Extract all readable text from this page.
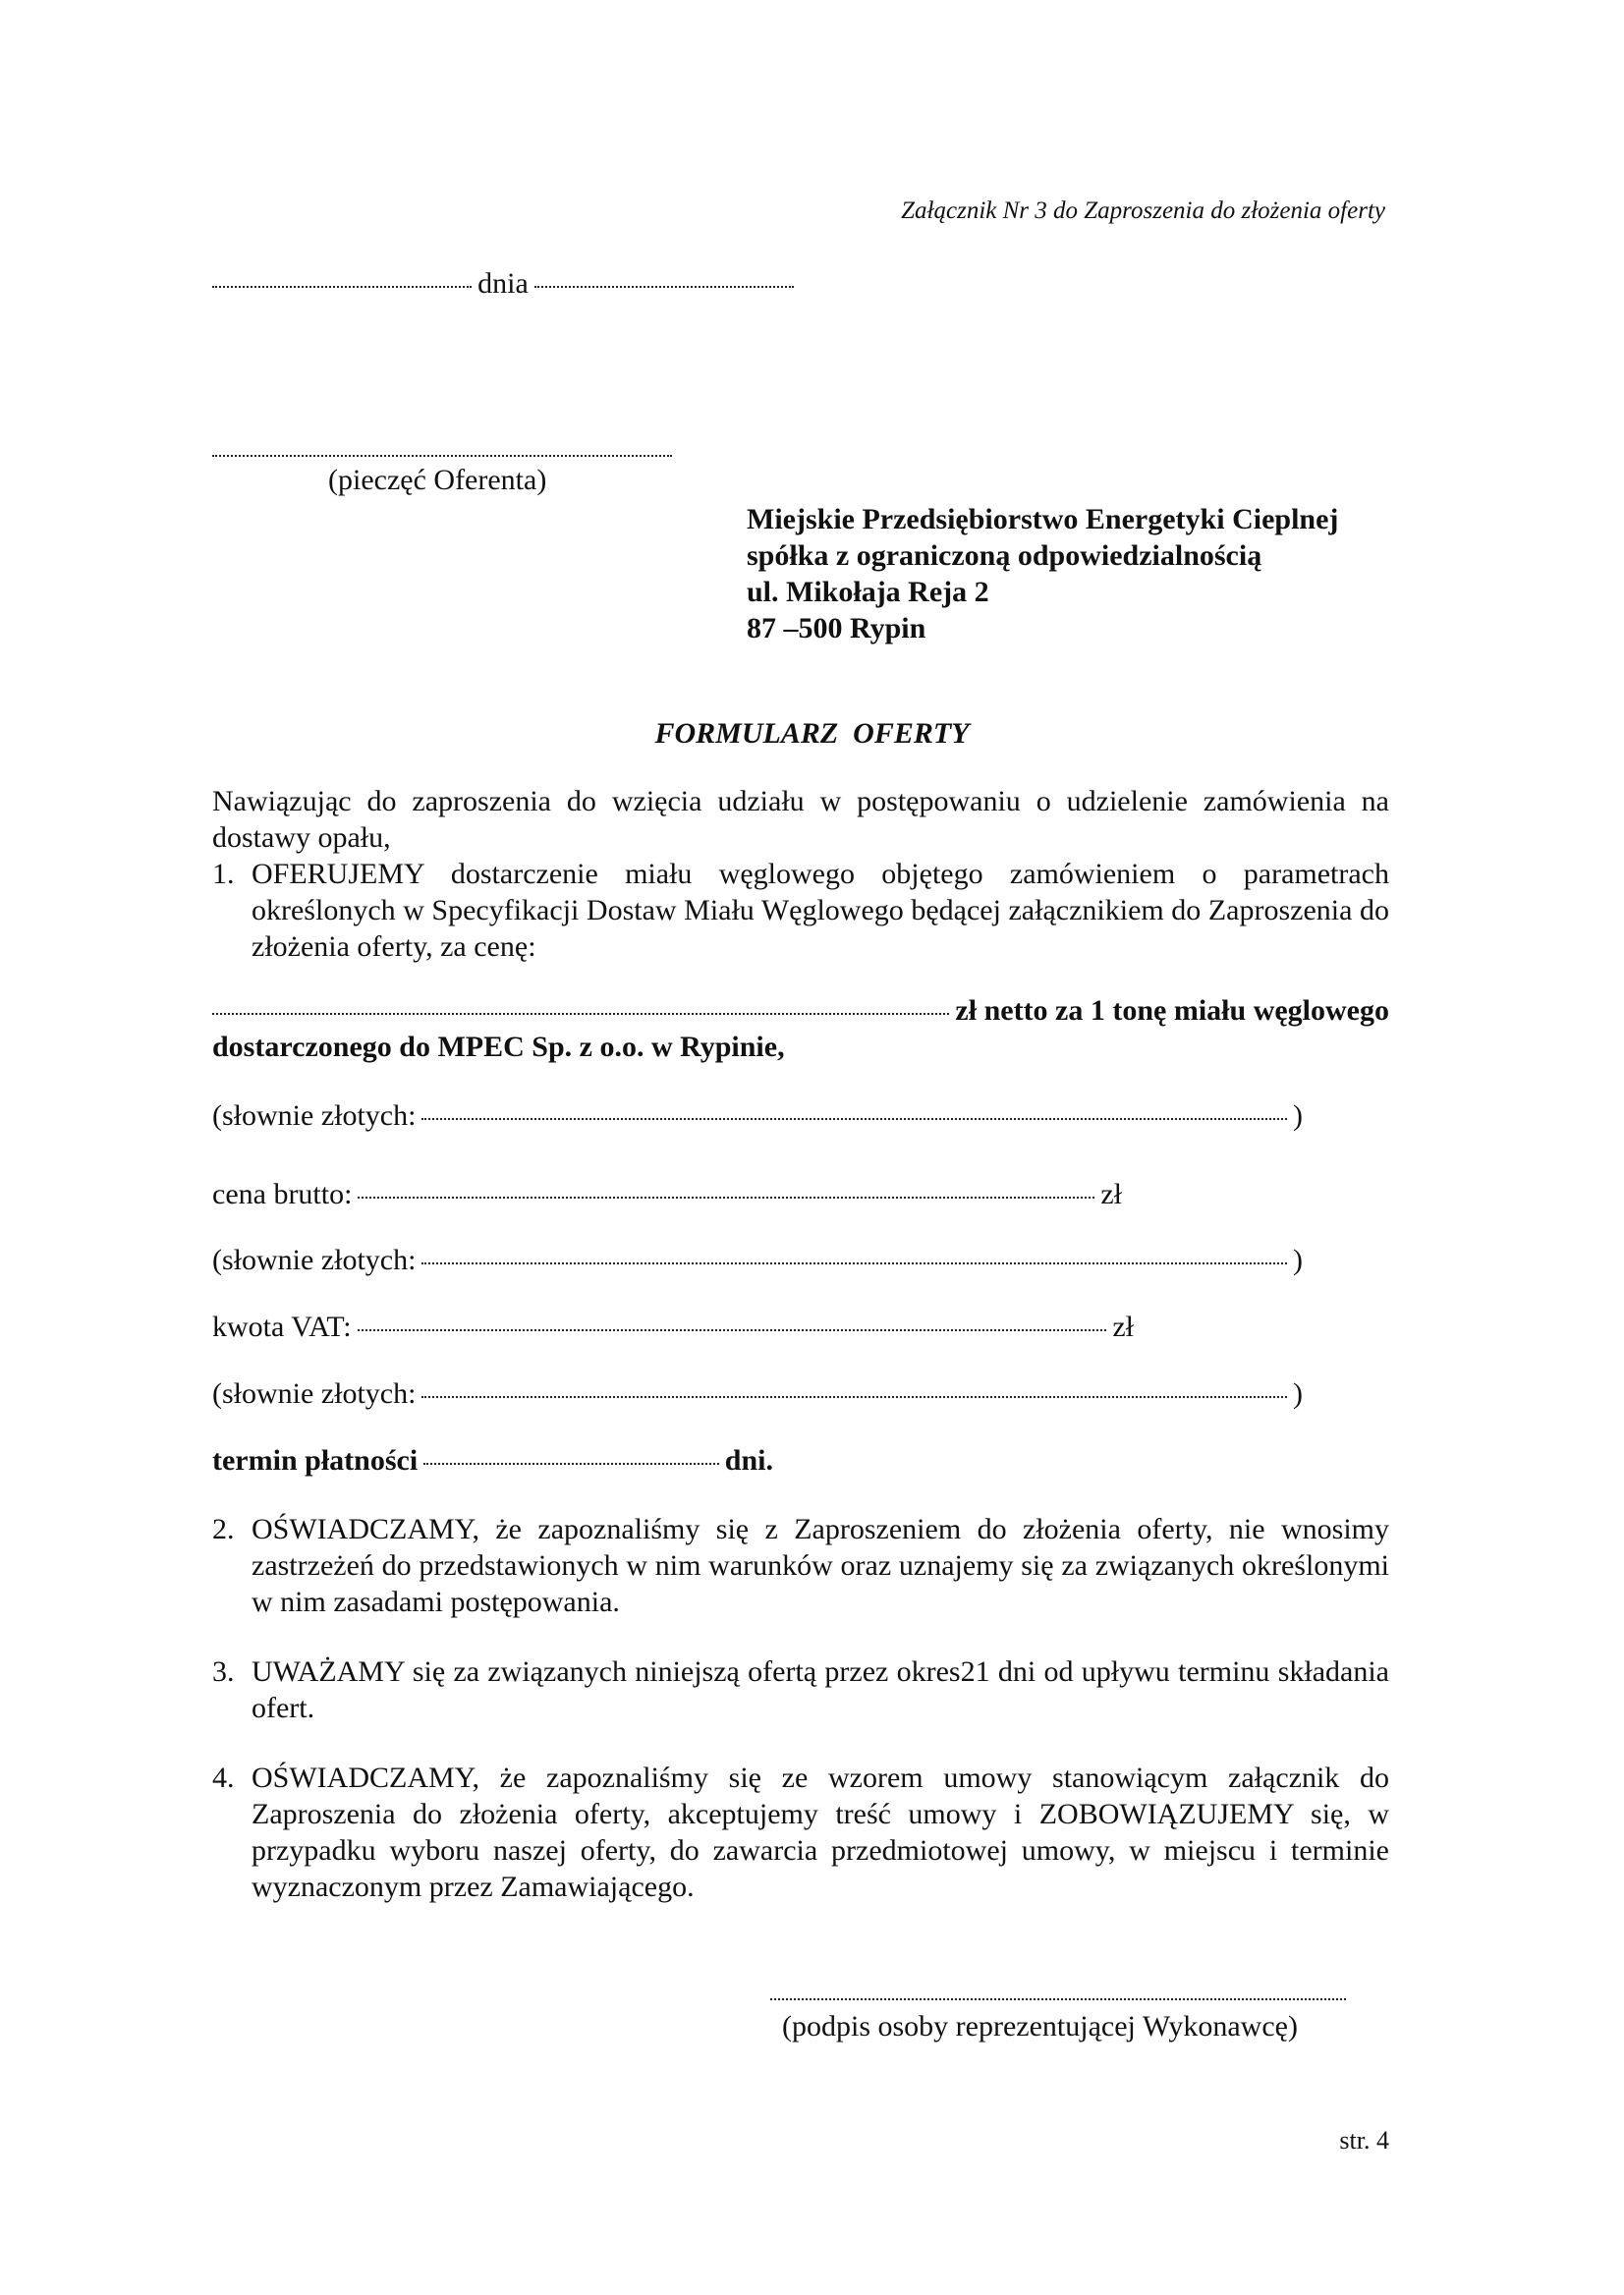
Załącznik Nr 3 do Zaproszenia do złożenia oferty
dnia
(pieczęć Oferenta)
Miejskie Przedsiębiorstwo Energetyki Cieplnej
spółka z ograniczoną odpowiedzialnością
ul. Mikołaja Reja 2
87 –500 Rypin
FORMULARZ  OFERTY
Nawiązując do zaproszenia do wzięcia udziału w postępowaniu o udzielenie zamówienia na dostawy opału,
1. OFERUJEMY dostarczenie miału węglowego objętego zamówieniem o parametrach określonych w Specyfikacji Dostaw Miału Węglowego będącej załącznikiem do Zaproszenia do złożenia oferty, za cenę:
zł netto za 1 tonę miału węglowego
dostarczonego do MPEC Sp. z o.o. w Rypinie,
(słownie złotych:	)
cena brutto:	zł
(słownie złotych:	)
kwota VAT:	zł
(słownie złotych:	)
termin płatności	dni.
2. OŚWIADCZAMY, że zapoznaliśmy się z Zaproszeniem do złożenia oferty, nie wnosimy zastrzeżeń do przedstawionych w nim warunków oraz uznajemy się za związanych określonymi w nim zasadami postępowania.
3. UWAŻAMY się za związanych niniejszą ofertą przez okres21 dni od upływu terminu składania ofert.
4. OŚWIADCZAMY, że zapoznaliśmy się ze wzorem umowy stanowiącym załącznik do Zaproszenia do złożenia oferty, akceptujemy treść umowy i ZOBOWIĄZUJEMY się, w przypadku wyboru naszej oferty, do zawarcia przedmiotowej umowy, w miejscu i terminie wyznaczonym przez Zamawiającego.
(podpis osoby reprezentującej Wykonawcę)
str. 4
